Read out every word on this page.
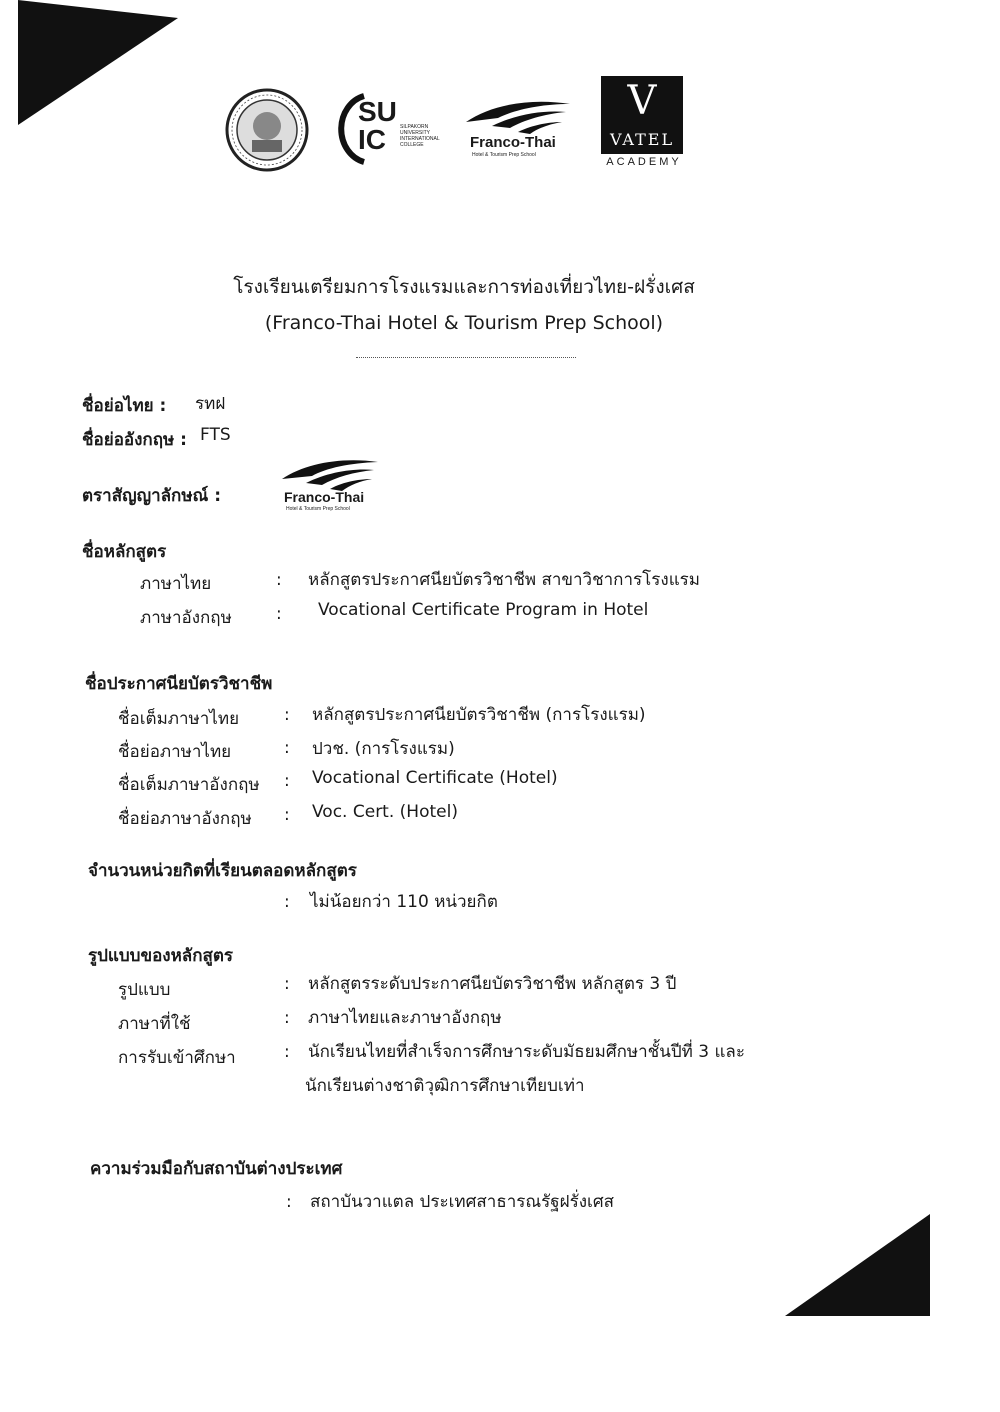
SU
IC	SILPAKORN UNIVERSITY INTERNATIONAL COLLEGE	Franco-Thai
Hotel & Tourism Prep School
V
VATEL
ACADEMY
โรงเรียนเตรียมการโรงแรมและการท่องเที่ยวไทย-ฝรั่งเศส
(Franco-Thai Hotel & Tourism Prep School)
ชื่อย่อไทย : รทฝ
ชื่อย่ออังกฤษ : FTS
ตราสัญญาลักษณ์ :	Franco-Thai
Hotel & Tourism Prep School
ชื่อหลักสูตร
ภาษาไทย	: หลักสูตรประกาศนียบัตรวิชาชีพ สาขาวิชาการโรงแรม
ภาษาอังกฤษ	: Vocational Certificate Program in Hotel
ชื่อประกาศนียบัตรวิชาชีพ
ชื่อเต็มภาษาไทย	: หลักสูตรประกาศนียบัตรวิชาชีพ (การโรงแรม)
ชื่อย่อภาษาไทย	: ปวช. (การโรงแรม)
ชื่อเต็มภาษาอังกฤษ : Vocational Certificate (Hotel)
ชื่อย่อภาษาอังกฤษ : Voc. Cert. (Hotel)
จำนวนหน่วยกิตที่เรียนตลอดหลักสูตร
: ไม่น้อยกว่า 110 หน่วยกิต
รูปแบบของหลักสูตร
รูปแบบ	: หลักสูตรระดับประกาศนียบัตรวิชาชีพ หลักสูตร 3 ปี
ภาษาที่ใช้	: ภาษาไทยและภาษาอังกฤษ
การรับเข้าศึกษา	: นักเรียนไทยที่สำเร็จการศึกษาระดับมัธยมศึกษาชั้นปีที่ 3 และ
นักเรียนต่างชาติวุฒิการศึกษาเทียบเท่า
ความร่วมมือกับสถาบันต่างประเทศ
: สถาบันวาแตล ประเทศสาธารณรัฐฝรั่งเศส
